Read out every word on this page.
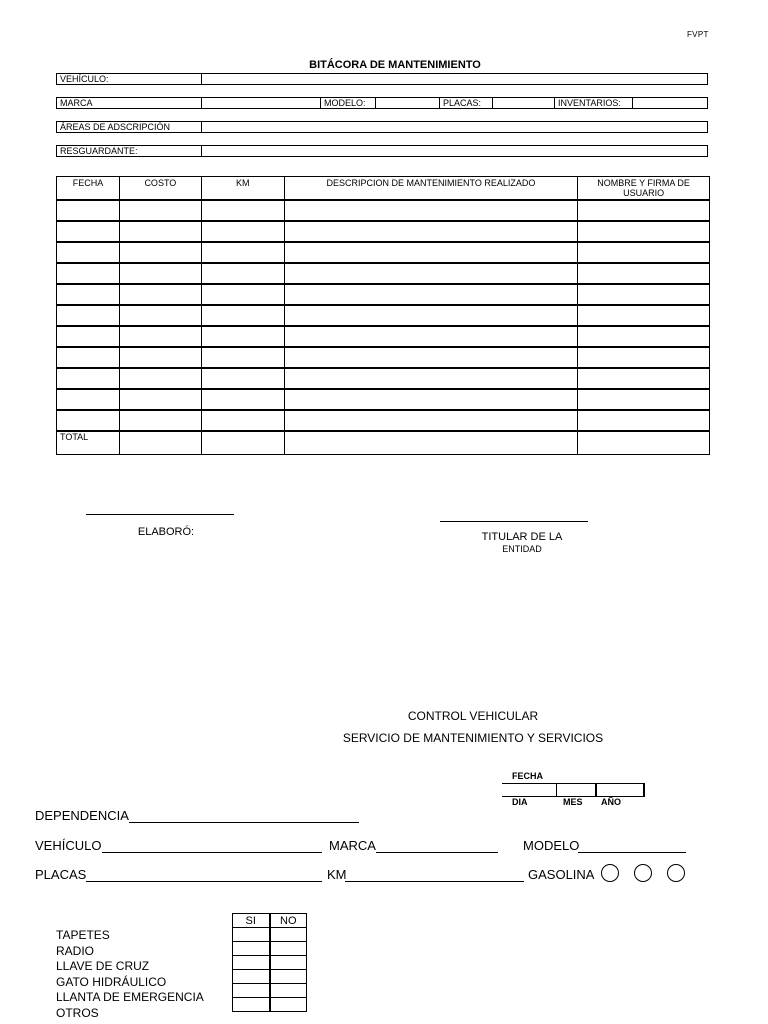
FVPT
BITÁCORA DE MANTENIMIENTO
VEHÍCULO:
MARCA	MODELO:	PLACAS:	INVENTARIOS:
ÁREAS DE ADSCRIPCIÓN
RESGUARDANTE:
FECHA	COSTO	KM	DESCRIPCION DE MANTENIMIENTO REALIZADO	NOMBRE Y FIRMA DE USUARIO

TOTAL				
ELABORÓ:	TITULAR DE LA
ENTIDAD
CONTROL VEHICULAR
SERVICIO DE MANTENIMIENTO Y SERVICIOS
FECHA
DIA	MES AÑO
DEPENDENCIA
VEHÍCULO	MARCA	MODELO
PLACAS	KM	GASOLINA
TAPETES
RADIO
LLAVE DE CRUZ
GATO HIDRÁULICO
LLANTA DE EMERGENCIA
OTROS
SI	NO
